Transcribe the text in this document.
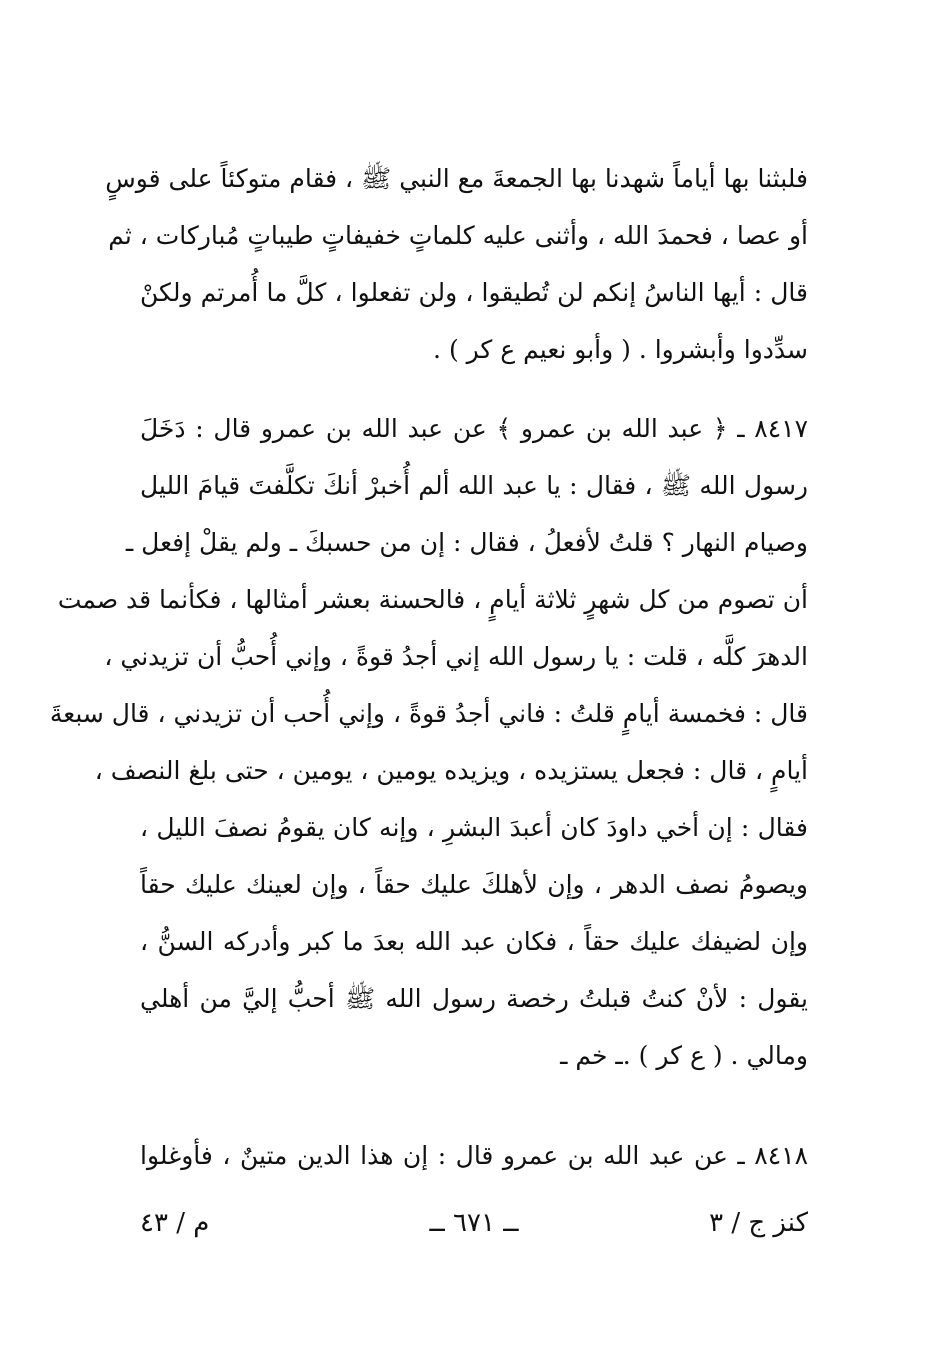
فلبثنا بها أياماً شهدنا بها الجمعةَ مع النبي ﷺ ، فقام متوكئاً على قوسٍ
أو عصا ، فحمدَ الله ، وأثنى عليه كلماتٍ خفيفاتٍ طيباتٍ مُباركات ، ثم
قال : أيها الناسُ إنكم لن تُطيقوا ، ولن تفعلوا ، كلَّ ما أُمرتم ولكنْ
سدِّدوا وأبشروا . ( وأبو نعيم ع كر ) .
٨٤١٧ ـ ﴿ عبد الله بن عمرو ﴾ عن عبد الله بن عمرو قال : دَخَلَ
رسول الله ﷺ ، فقال : يا عبد الله ألم أُخبرْ أنكَ تكلَّفتَ قيامَ الليل
وصيام النهار ؟ قلتُ لأفعلُ ، فقال : إن من حسبكَ ـ ولم يقلْ إفعل ـ
أن تصوم من كل شهرٍ ثلاثة أيامٍ ، فالحسنة بعشر أمثالها ، فكأنما قد صمت
الدهرَ كلَّه ، قلت : يا رسول الله إني أجدُ قوةً ، وإني أُحبُّ أن تزيدني ،
قال : فخمسة أيامٍ قلتُ : فاني أجدُ قوةً ، وإني أُحب أن تزيدني ، قال سبعةَ
أيامٍ ، قال : فجعل يستزيده ، ويزيده يومين ، يومين ، حتى بلغ النصف ،
فقال : إن أخي داودَ كان أعبدَ البشرِ ، وإنه كان يقومُ نصفَ الليل ،
ويصومُ نصف الدهر ، وإن لأهلكَ عليك حقاً ، وإن لعينك عليك حقاً
وإن لضيفك عليك حقاً ، فكان عبد الله بعدَ ما كبر وأدركه السنُّ ،
يقول : لأنْ كنتُ قبلتُ رخصة رسول الله ﷺ أحبُّ إليَّ من أهلي
ومالي . ( ع كر ) .ـ خم ـ
٨٤١٨ ـ عن عبد الله بن عمرو قال : إن هذا الدين متينٌ ، فأوغلوا
كنز ج / ٣
ــ ٦٧١ ــ
م / ٤٣
